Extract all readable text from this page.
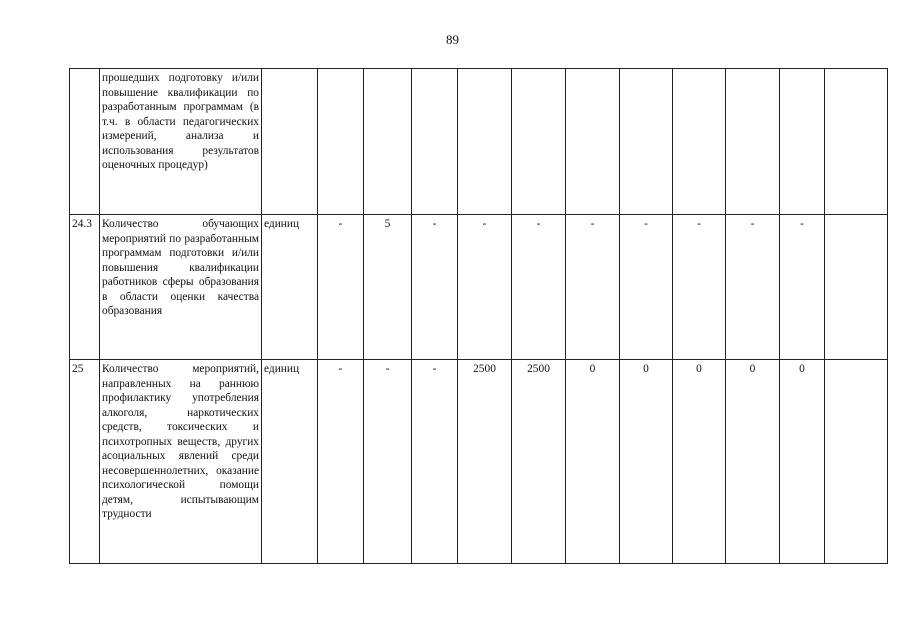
89
	прошедших подготовку и/или повышение квалификации по разработанным программам (в т.ч. в области педагогических измерений, анализа и использования результатов оценочных процедур)												
24.3	Количество обучающих мероприятий по разработанным программам подготовки и/или повышения квалификации работников сферы образования в области оценки качества образования	единиц	-	5	-	-	-	-	-	-	-	-	
25	Количество мероприятий, направленных на раннюю профилактику употребления алкоголя, наркотических средств, токсических и психотропных веществ, других асоциальных явлений среди несовершеннолетних, оказание психологической помощи детям, испытывающим трудности	единиц	-	-	-	2500	2500	0	0	0	0	0	
